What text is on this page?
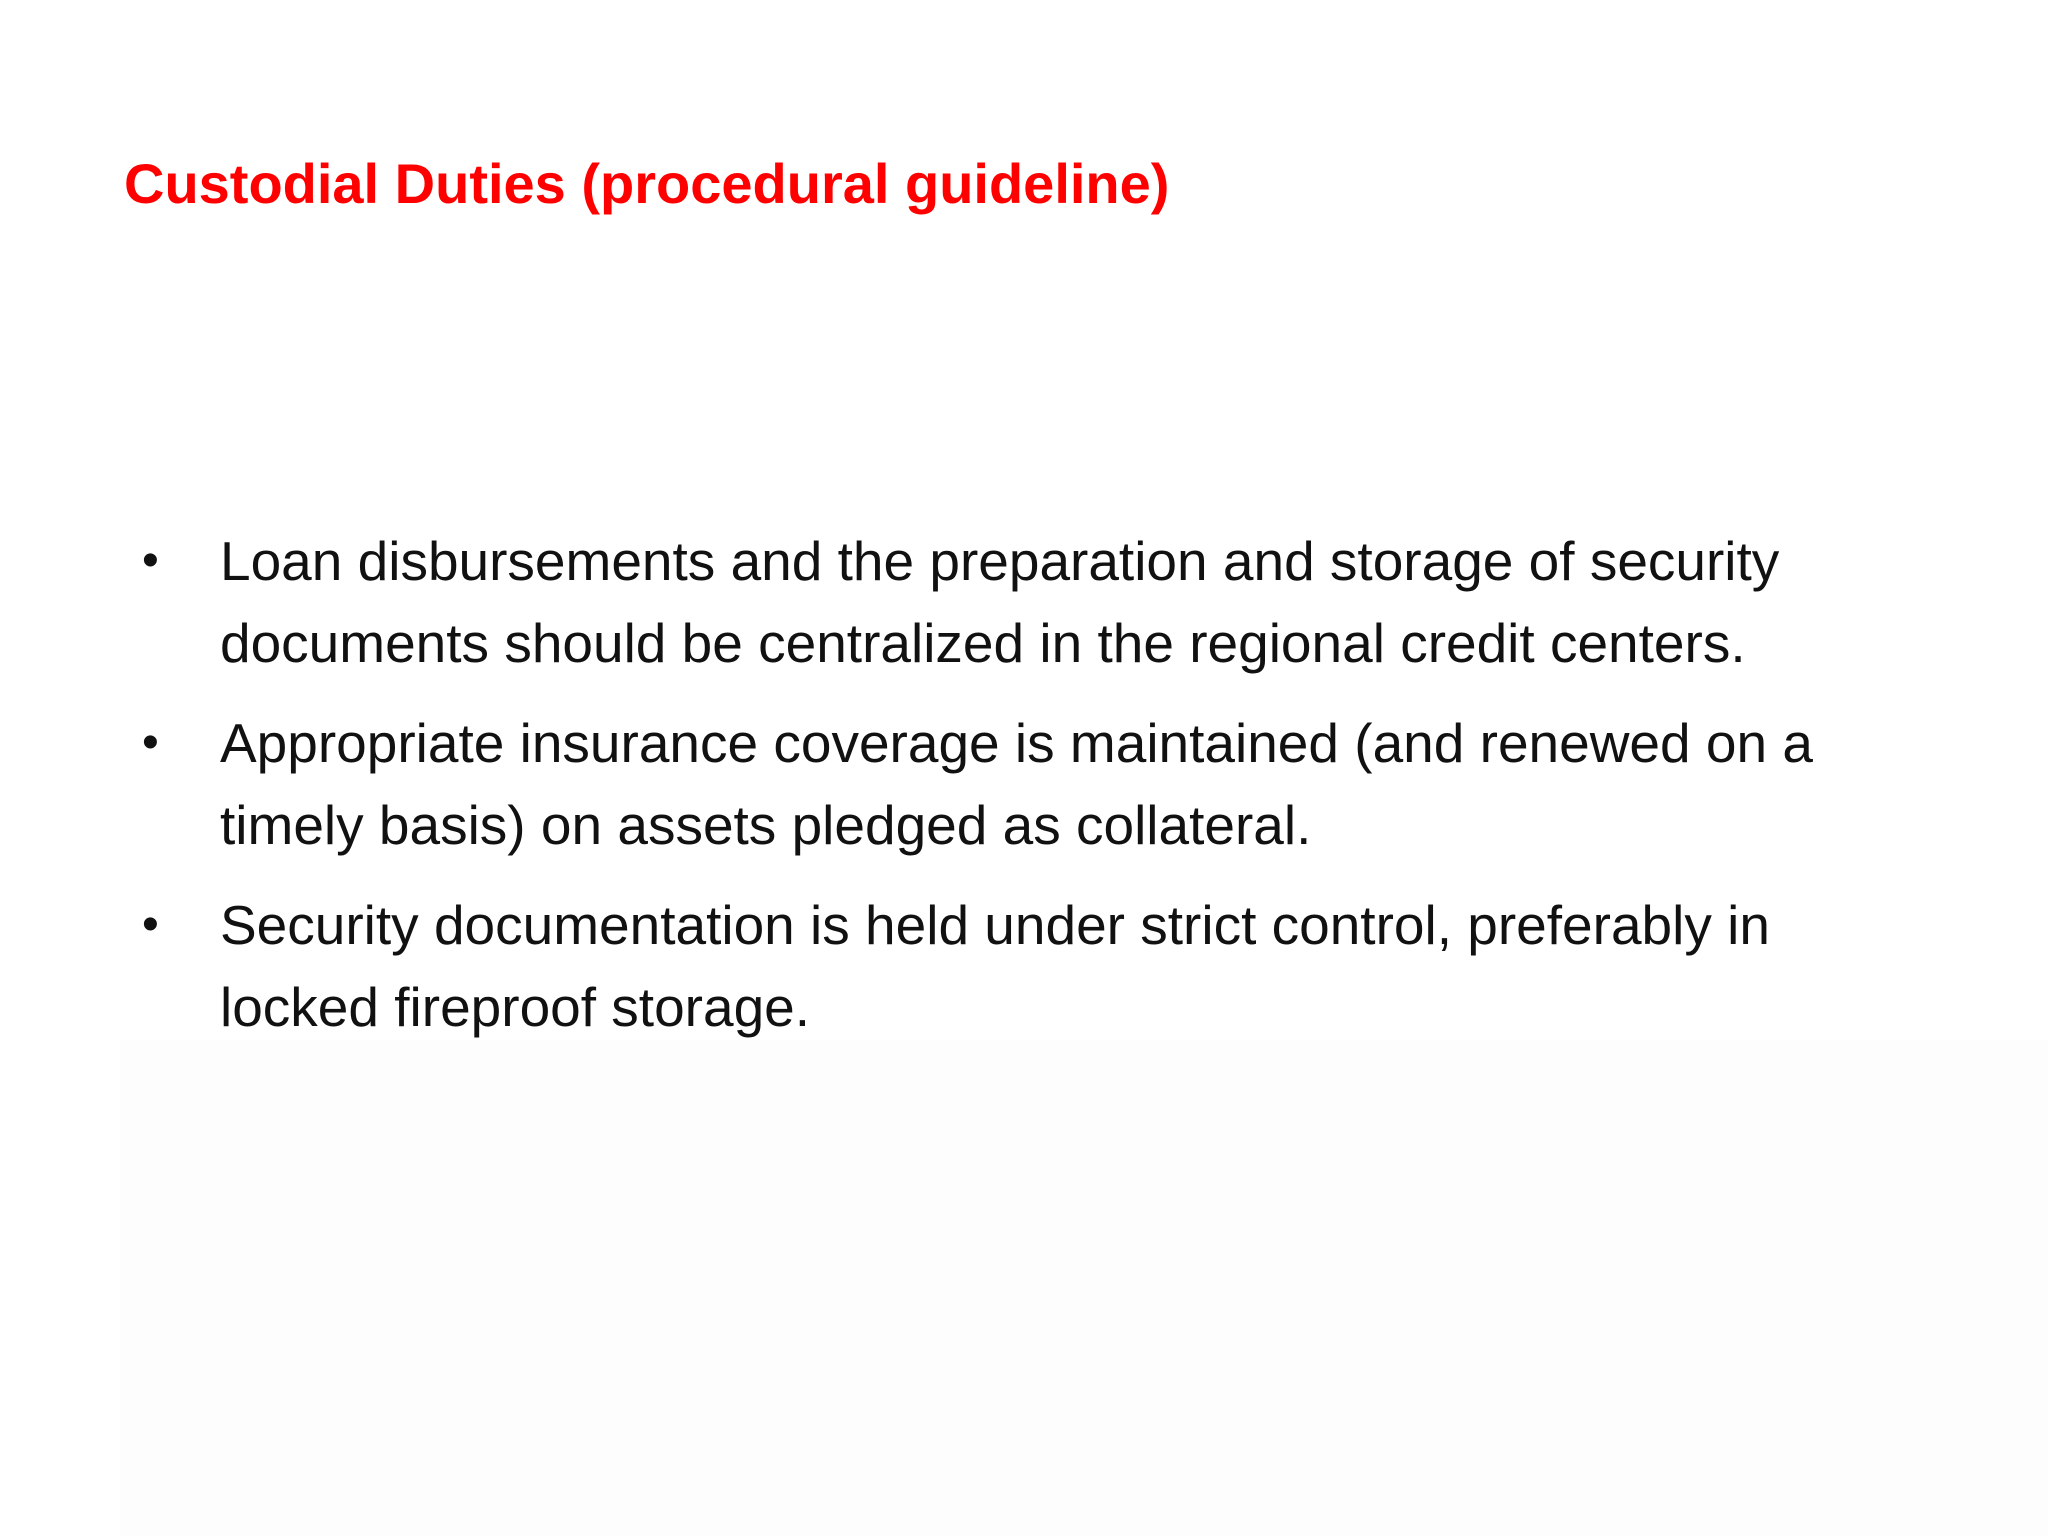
Custodial Duties (procedural guideline)
•	Loan disbursements and the preparation and storage of security documents should be centralized in the regional credit centers.
•	Appropriate insurance coverage is maintained (and renewed on a timely basis) on assets pledged as collateral.
•	Security documentation is held under strict control, preferably in locked fireproof storage.
